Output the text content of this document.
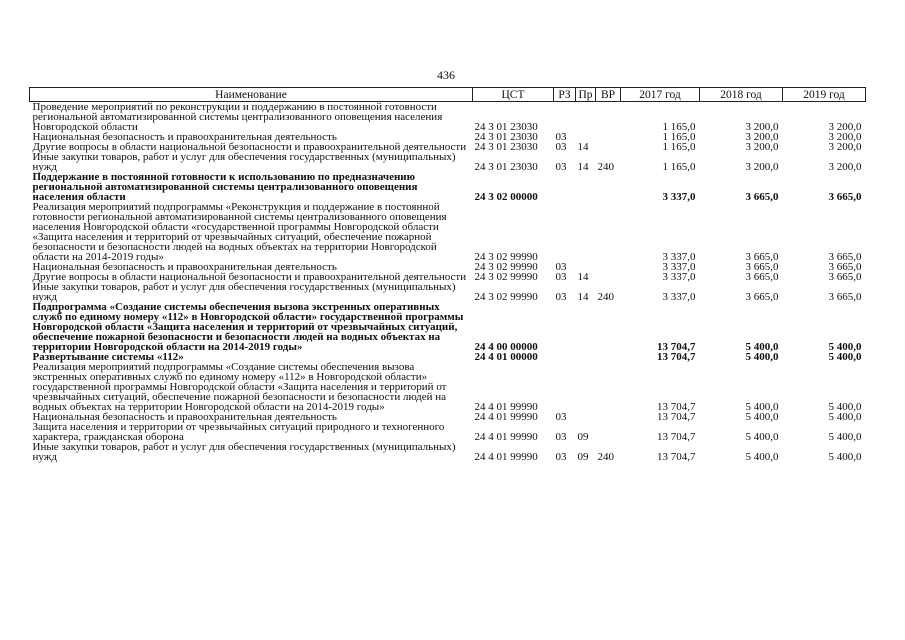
436
Наименование	ЦСТ	РЗ	Пр	ВР	2017 год	2018 год	2019 год
Проведение мероприятий по реконструкции и поддержанию в постоянной готовности региональной автоматизированной системы централизованного оповещения населения Новгородской области	24 3 01 23030				1 165,0	3 200,0	3 200,0
Национальная безопасность и правоохранительная деятельность	24 3 01 23030	03			1 165,0	3 200,0	3 200,0
Другие вопросы в области национальной безопасности и правоохранительной деятельности	24 3 01 23030	03	14		1 165,0	3 200,0	3 200,0
Иные закупки товаров, работ и услуг для обеспечения государственных (муниципальных) нужд	24 3 01 23030	03	14	240	1 165,0	3 200,0	3 200,0
Поддержание в постоянной готовности к использованию по предназначению региональной автоматизированной системы централизованного оповещения населения области	24 3 02 00000				3 337,0	3 665,0	3 665,0
Реализация мероприятий подпрограммы «Реконструкция и поддержание в постоянной готовности региональной автоматизированной системы централизованного оповещения населения Новгородской области «государственной программы Новгородской области «Защита населения и территорий от чрезвычайных ситуаций, обеспечение пожарной безопасности и безопасности людей на водных объектах на территории Новгородской области на 2014-2019 годы»	24 3 02 99990				3 337,0	3 665,0	3 665,0
Национальная безопасность и правоохранительная деятельность	24 3 02 99990	03			3 337,0	3 665,0	3 665,0
Другие вопросы в области национальной безопасности и правоохранительной деятельности	24 3 02 99990	03	14		3 337,0	3 665,0	3 665,0
Иные закупки товаров, работ и услуг для обеспечения государственных (муниципальных) нужд	24 3 02 99990	03	14	240	3 337,0	3 665,0	3 665,0
Подпрограмма «Создание системы обеспечения вызова экстренных оперативных служб по единому номеру «112» в Новгородской области» государственной программы Новгородской области «Защита населения и территорий от чрезвычайных ситуаций, обеспечение пожарной безопасности и безопасности людей на водных объектах на территории Новгородской области на 2014-2019 годы»	24 4 00 00000				13 704,7	5 400,0	5 400,0
Развертывание системы «112»	24 4 01 00000				13 704,7	5 400,0	5 400,0
Реализация мероприятий подпрограммы «Создание системы обеспечения вызова экстренных оперативных служб по единому номеру «112» в Новгородской области» государственной программы Новгородской области «Защита населения и территорий от чрезвычайных ситуаций, обеспечение пожарной безопасности и безопасности людей на водных объектах на территории Новгородской области на 2014-2019 годы»	24 4 01 99990				13 704,7	5 400,0	5 400,0
Национальная безопасность и правоохранительная деятельность	24 4 01 99990	03			13 704,7	5 400,0	5 400,0
Защита населения и территории от чрезвычайных ситуаций природного и техногенного характера, гражданская оборона	24 4 01 99990	03	09		13 704,7	5 400,0	5 400,0
Иные закупки товаров, работ и услуг для обеспечения государственных (муниципальных) нужд	24 4 01 99990	03	09	240	13 704,7	5 400,0	5 400,0
